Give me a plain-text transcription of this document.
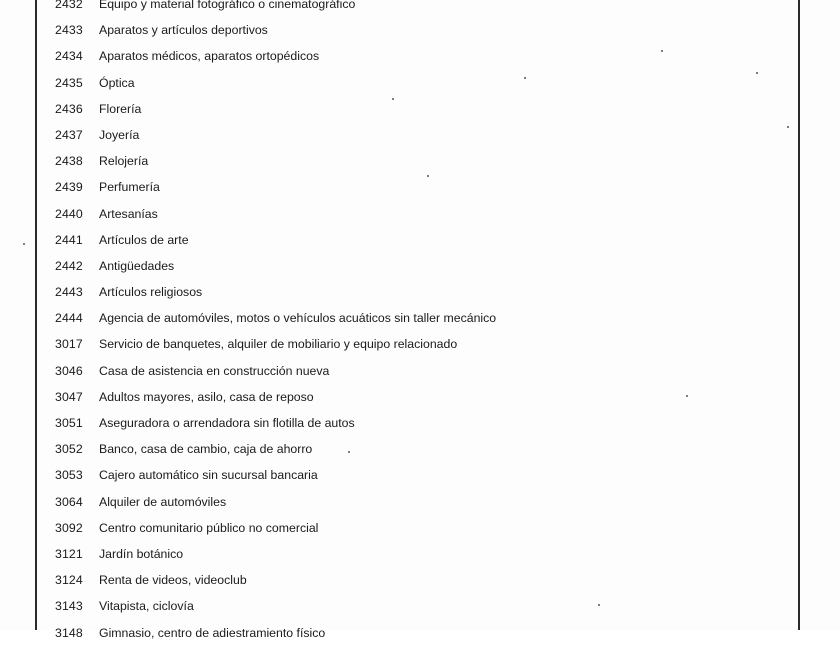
2432	Equipo y material fotográfico o cinematográfico
2433	Aparatos y artículos deportivos
2434	Aparatos médicos, aparatos ortopédicos
2435	Óptica
2436	Florería
2437	Joyería
2438	Relojería
2439	Perfumería
2440	Artesanías
2441	Artículos de arte
2442	Antigüedades
2443	Artículos religiosos
2444	Agencia de automóviles, motos o vehículos acuáticos sin taller mecánico
3017	Servicio de banquetes, alquiler de mobiliario y equipo relacionado
3046	Casa de asistencia en construcción nueva
3047	Adultos mayores, asilo, casa de reposo
3051	Aseguradora o arrendadora sin flotilla de autos
3052	Banco, casa de cambio, caja de ahorro
3053	Cajero automático sin sucursal bancaria
3064	Alquiler de automóviles
3092	Centro comunitario público no comercial
3121	Jardín botánico
3124	Renta de videos, videoclub
3143	Vitapista, ciclovía
3148	Gimnasio, centro de adiestramiento físico
